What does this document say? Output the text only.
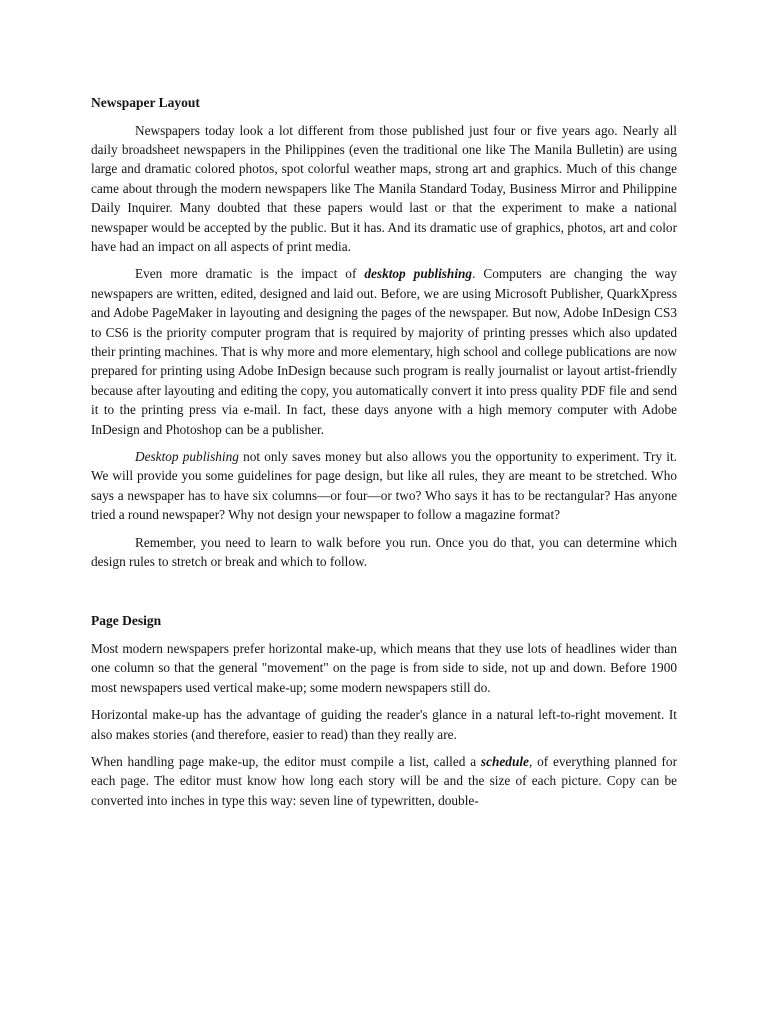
Newspaper Layout

Newspapers today look a lot different from those published just four or five years ago. Nearly all daily broadsheet newspapers in the Philippines (even the traditional one like The Manila Bulletin) are using large and dramatic colored photos, spot colorful weather maps, strong art and graphics. Much of this change came about through the modern newspapers like The Manila Standard Today, Business Mirror and Philippine Daily Inquirer. Many doubted that these papers would last or that the experiment to make a national newspaper would be accepted by the public. But it has. And its dramatic use of graphics, photos, art and color have had an impact on all aspects of print media.

Even more dramatic is the impact of desktop publishing. Computers are changing the way newspapers are written, edited, designed and laid out. Before, we are using Microsoft Publisher, QuarkXpress and Adobe PageMaker in layouting and designing the pages of the newspaper. But now, Adobe InDesign CS3 to CS6 is the priority computer program that is required by majority of printing presses which also updated their printing machines. That is why more and more elementary, high school and college publications are now prepared for printing using Adobe InDesign because such program is really journalist or layout artist-friendly because after layouting and editing the copy, you automatically convert it into press quality PDF file and send it to the printing press via e-mail. In fact, these days anyone with a high memory computer with Adobe InDesign and Photoshop can be a publisher.

Desktop publishing not only saves money but also allows you the opportunity to experiment. Try it. We will provide you some guidelines for page design, but like all rules, they are meant to be stretched. Who says a newspaper has to have six columns—or four—or two? Who says it has to be rectangular? Has anyone tried a round newspaper? Why not design your newspaper to follow a magazine format?

Remember, you need to learn to walk before you run. Once you do that, you can determine which design rules to stretch or break and which to follow.

Page Design

Most modern newspapers prefer horizontal make-up, which means that they use lots of headlines wider than one column so that the general "movement" on the page is from side to side, not up and down. Before 1900 most newspapers used vertical make-up; some modern newspapers still do.

Horizontal make-up has the advantage of guiding the reader's glance in a natural left-to-right movement. It also makes stories (and therefore, easier to read) than they really are.

When handling page make-up, the editor must compile a list, called a schedule, of everything planned for each page. The editor must know how long each story will be and the size of each picture. Copy can be converted into inches in type this way: seven line of typewritten, double-
